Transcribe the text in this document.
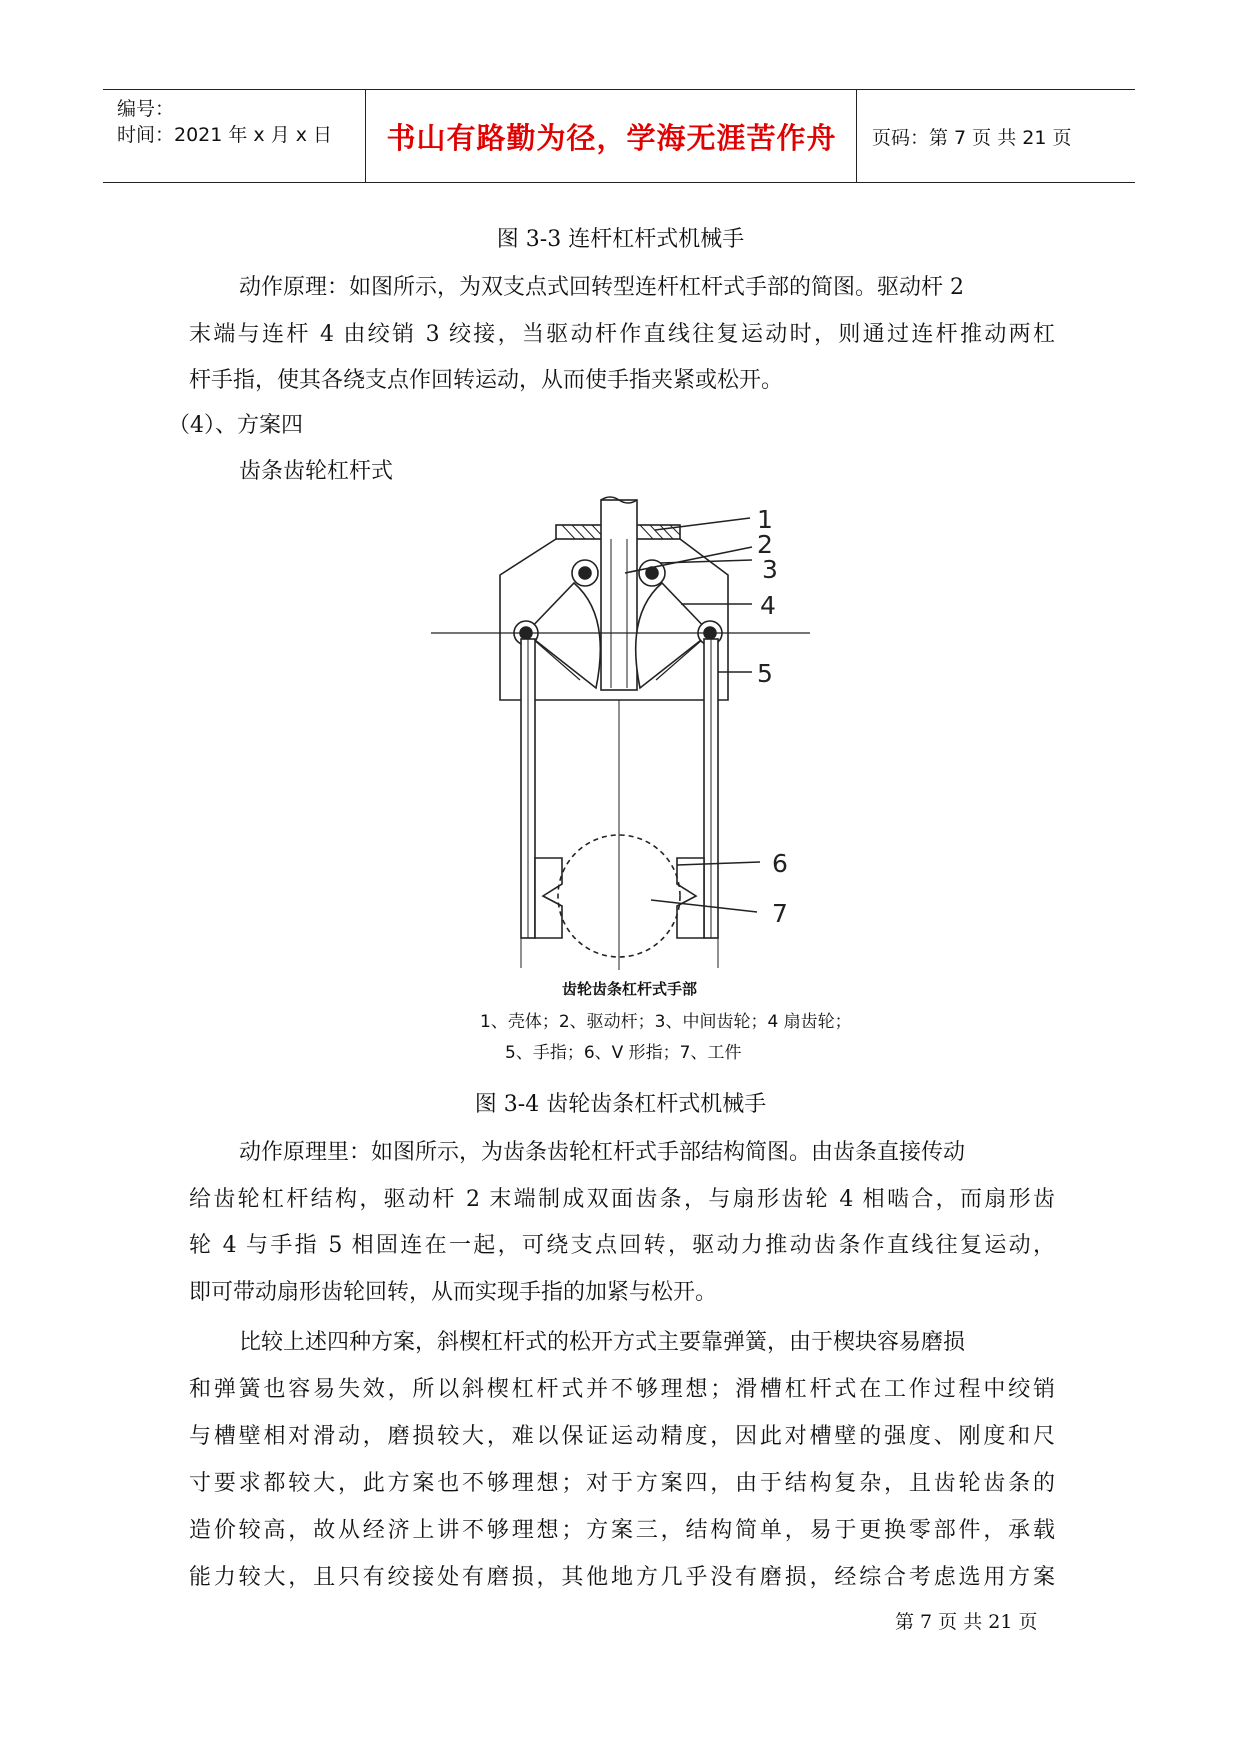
编号：
时间：2021 年 x 月 x 日 书山有路勤为径，学海无涯苦作舟 页码：第 7 页 共 21 页
图 3-3 连杆杠杆式机械手
动作原理：如图所示，为双支点式回转型连杆杠杆式手部的简图。驱动杆 2
末端与连杆 4 由绞销 3 绞接，当驱动杆作直线往复运动时，则通过连杆推动两杠
杆手指，使其各绕支点作回转运动，从而使手指夹紧或松开。
（4）、方案四
齿条齿轮杠杆式
1
2
3
4
5
6
7
齿轮齿条杠杆式手部
1、壳体；2、驱动杆；3、中间齿轮；4 扇齿轮；
5、手指；6、V 形指；7、工件
图 3-4 齿轮齿条杠杆式机械手
动作原理里：如图所示，为齿条齿轮杠杆式手部结构简图。由齿条直接传动
给齿轮杠杆结构，驱动杆 2 末端制成双面齿条，与扇形齿轮 4 相啮合，而扇形齿
轮 4 与手指 5 相固连在一起，可绕支点回转，驱动力推动齿条作直线往复运动，
即可带动扇形齿轮回转，从而实现手指的加紧与松开。
比较上述四种方案，斜楔杠杆式的松开方式主要靠弹簧，由于楔块容易磨损
和弹簧也容易失效，所以斜楔杠杆式并不够理想；滑槽杠杆式在工作过程中绞销
与槽壁相对滑动，磨损较大，难以保证运动精度，因此对槽壁的强度、刚度和尺
寸要求都较大，此方案也不够理想；对于方案四，由于结构复杂，且齿轮齿条的
造价较高，故从经济上讲不够理想；方案三，结构简单，易于更换零部件，承载
能力较大，且只有绞接处有磨损，其他地方几乎没有磨损，经综合考虑选用方案
第 7 页 共 21 页
